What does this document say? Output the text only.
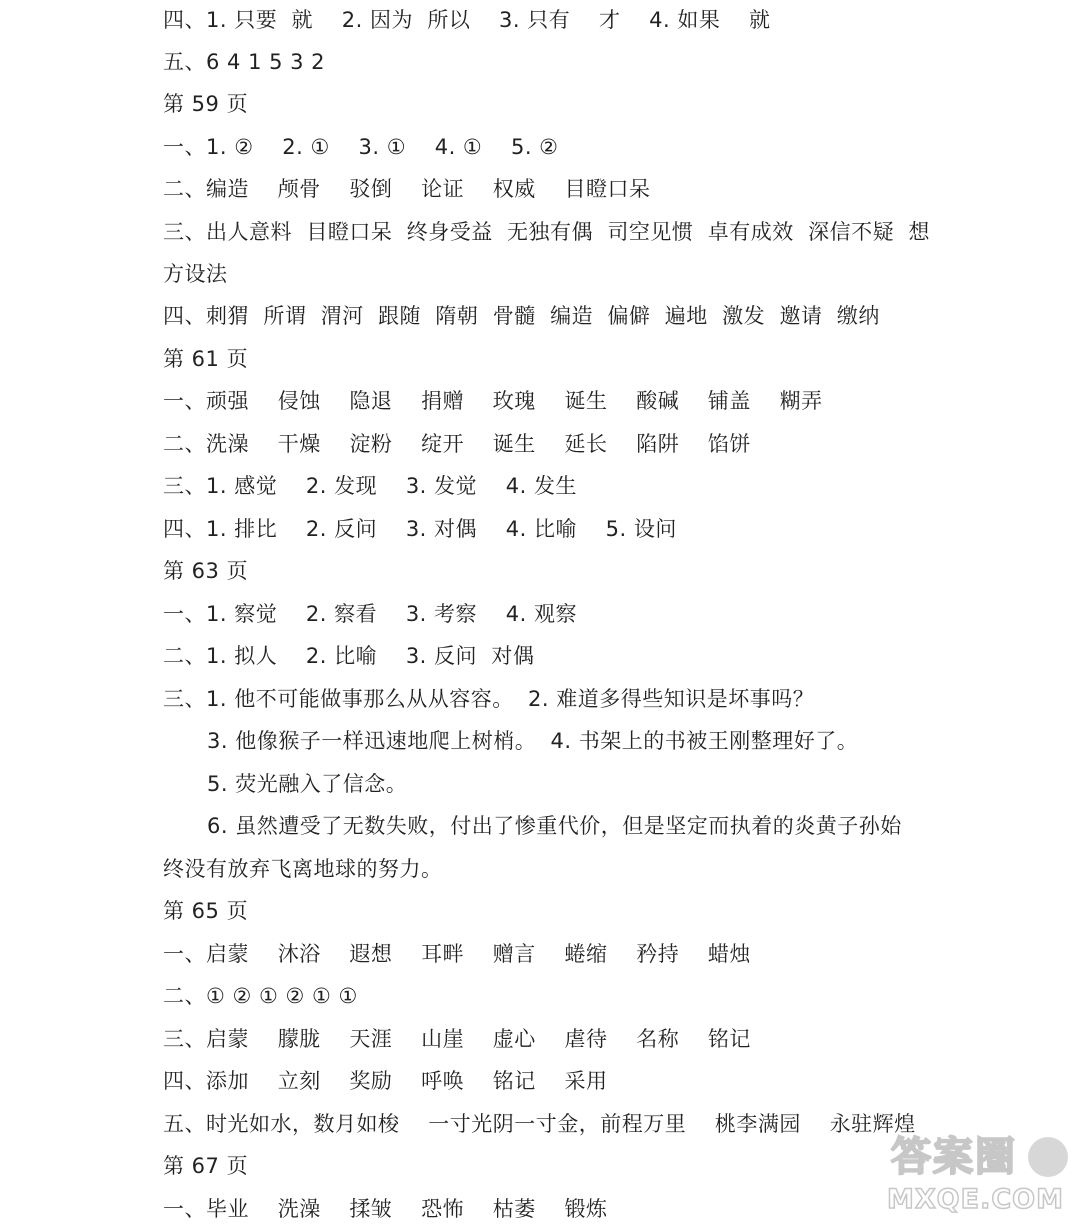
四、1. 只要  就    2. 因为  所以    3. 只有    才    4. 如果    就
五、6 4 1 5 3 2
第 59 页
一、1. ②    2. ①    3. ①    4. ①    5. ②
二、编造    颅骨    驳倒    论证    权威    目瞪口呆
三、出人意料  目瞪口呆  终身受益  无独有偶  司空见惯  卓有成效  深信不疑  想
方设法
四、刺猬  所谓  渭河  跟随  隋朝  骨髓  编造  偏僻  遍地  激发  邀请  缴纳
第 61 页
一、顽强    侵蚀    隐退    捐赠    玫瑰    诞生    酸碱    铺盖    糊弄
二、洗澡    干燥    淀粉    绽开    诞生    延长    陷阱    馅饼
三、1. 感觉    2. 发现    3. 发觉    4. 发生
四、1. 排比    2. 反问    3. 对偶    4. 比喻    5. 设问
第 63 页
一、1. 察觉    2. 察看    3. 考察    4. 观察
二、1. 拟人    2. 比喻    3. 反问  对偶
三、1. 他不可能做事那么从从容容。  2. 难道多得些知识是坏事吗？
3. 他像猴子一样迅速地爬上树梢。  4. 书架上的书被王刚整理好了。
5. 荧光融入了信念。
6. 虽然遭受了无数失败，付出了惨重代价，但是坚定而执着的炎黄子孙始
终没有放弃飞离地球的努力。
第 65 页
一、启蒙    沐浴    遐想    耳畔    赠言    蜷缩    矜持    蜡烛
二、① ② ① ② ① ①
三、启蒙    朦胧    天涯    山崖    虚心    虐待    名称    铭记
四、添加    立刻    奖励    呼唤    铭记    采用
五、时光如水，数月如梭    一寸光阴一寸金，前程万里    桃李满园    永驻辉煌
第 67 页
一、毕业    洗澡    揉皱    恐怖    枯萎    锻炼
答案圈
MXQE.COM
